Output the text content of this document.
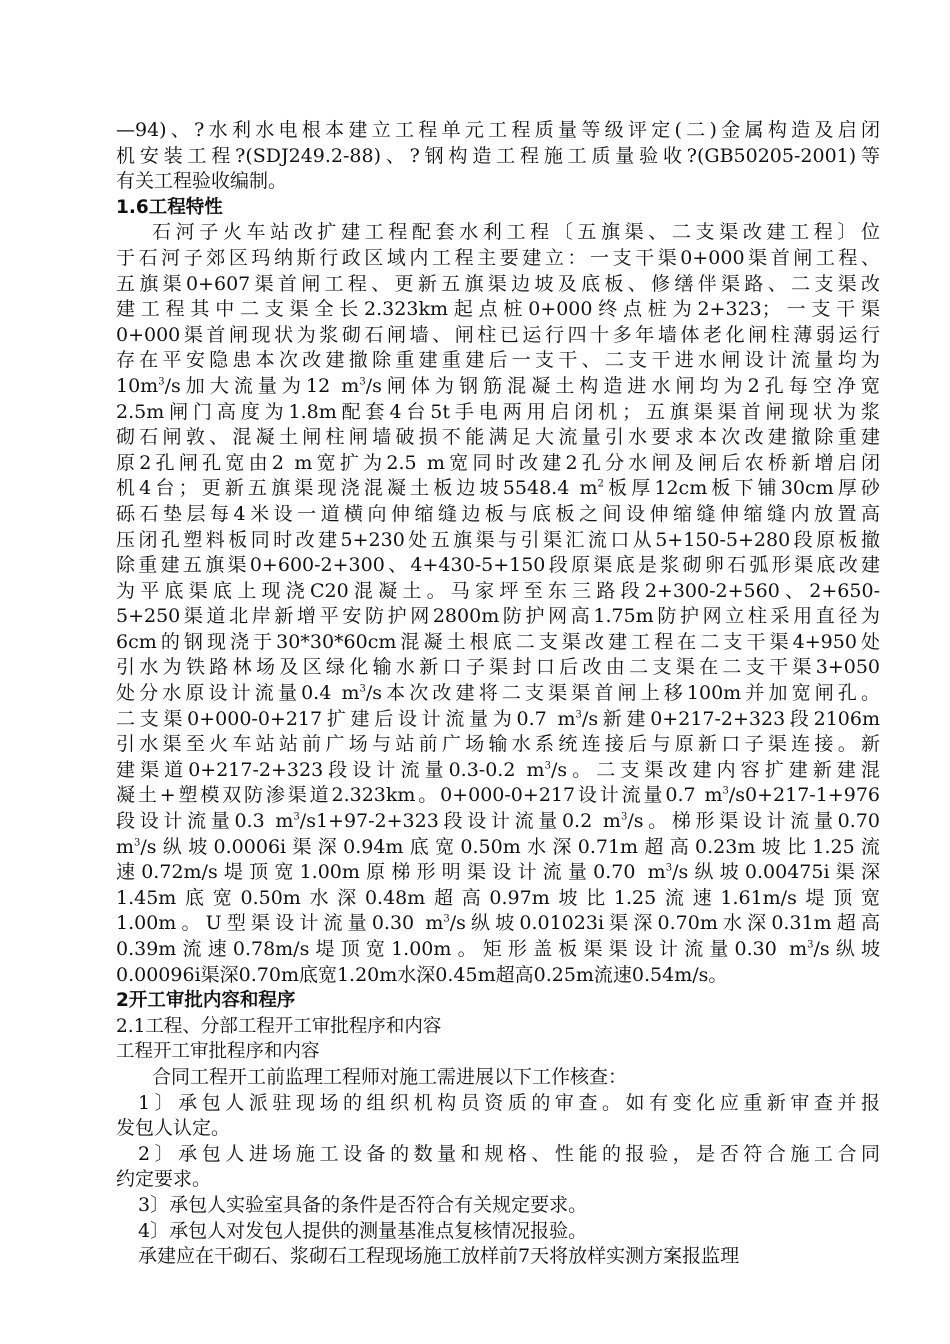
—94)、?水利水电根本建立工程单元工程质量等级评定(二)金属构造及启闭
机安装工程?(SDJ249.2-88)、?钢构造工程施工质量验收?(GB50205-2001)等
有关工程验收编制。
1.6工程特性
石河子火车站改扩建工程配套水利工程〔五旗渠、二支渠改建工程〕位
于石河子郊区玛纳斯行政区域内工程主要建立：一支干渠0+000渠首闸工程、
五旗渠0+607渠首闸工程、更新五旗渠边坡及底板、修缮伴渠路、二支渠改
建工程其中二支渠全长2.323km起点桩0+000终点桩为2+323；一支干渠
0+000渠首闸现状为浆砌石闸墙、闸柱已运行四十多年墙体老化闸柱薄弱运行
存在平安隐患本次改建撤除重建重建后一支干、二支干进水闸设计流量均为
$10m^3/s$加大流量为12 $m^3/s$闸体为钢筋混凝土构造进水闸均为2孔每空净宽
2.5m闸门高度为1.8m配套4台5t手电两用启闭机；五旗渠渠首闸现状为浆
砌石闸敦、混凝土闸柱闸墙破损不能满足大流量引水要求本次改建撤除重建
原2孔闸孔宽由2 m宽扩为2.5 m宽同时改建2孔分水闸及闸后农桥新增启闭
机4台；更新五旗渠现浇混凝土板边坡5548.4 $m^2$板厚12cm板下铺30cm厚砂
砾石垫层每4米设一道横向伸缩缝边板与底板之间设伸缩缝伸缩缝内放置高
压闭孔塑料板同时改建5+230处五旗渠与引渠汇流口从5+150-5+280段原板撤
除重建五旗渠0+600-2+300、4+430-5+150段原渠底是浆砌卵石弧形渠底改建
为平底渠底上现浇C20混凝土。马家坪至东三路段2+300-2+560、2+650-
5+250渠道北岸新增平安防护网2800m防护网高1.75m防护网立柱采用直径为
6cm的钢现浇于30*30*60cm混凝土根底二支渠改建工程在二支干渠4+950处
引水为铁路林场及区绿化输水新口子渠封口后改由二支渠在二支干渠3+050
处分水原设计流量0.4 $m^3/s$本次改建将二支渠渠首闸上移100m并加宽闸孔。
二支渠0+000-0+217扩建后设计流量为0.7 $m^3/s$新建0+217-2+323段2106m
引水渠至火车站站前广场与站前广场输水系统连接后与原新口子渠连接。新
建渠道0+217-2+323段设计流量0.3-0.2 $m^3/s$。二支渠改建内容扩建新建混
凝土+塑模双防渗渠道2.323km。0+000-0+217设计流量0.7 $m^3/s0+217-1+976$
段设计流量0.3 $m^3/s1+97-2+323$段设计流量0.2 $m^3/s$。梯形渠设计流量0.70
$m^3/s$纵坡0.0006i渠深0.94m底宽0.50m水深0.71m超高0.23m坡比1.25流
速0.72m/s堤顶宽1.00m原梯形明渠设计流量0.70 $m^3/s$纵坡0.00475i渠深
1.45m底宽0.50m水深0.48m超高0.97m坡比1.25流速1.61m/s堤顶宽
1.00m。U型渠设计流量0.30 $m^3/s$纵坡0.01023i渠深0.70m水深0.31m超高
0.39m流速0.78m/s堤顶宽1.00m。矩形盖板渠渠设计流量0.30 $m^3/s$纵坡
0.00096i渠深0.70m底宽1.20m水深0.45m超高0.25m流速0.54m/s。
2开工审批内容和程序
2.1工程、分部工程开工审批程序和内容
工程开工审批程序和内容
合同工程开工前监理工程师对施工需进展以下工作核查：
1〕承包人派驻现场的组织机构员资质的审查。如有变化应重新审查并报
发包人认定。
2〕承包人进场施工设备的数量和规格、性能的报验，是否符合施工合同
约定要求。
3〕承包人实验室具备的条件是否符合有关规定要求。
4〕承包人对发包人提供的测量基准点复核情况报验。
承建应在干砌石、浆砌石工程现场施工放样前7天将放样实测方案报监理
